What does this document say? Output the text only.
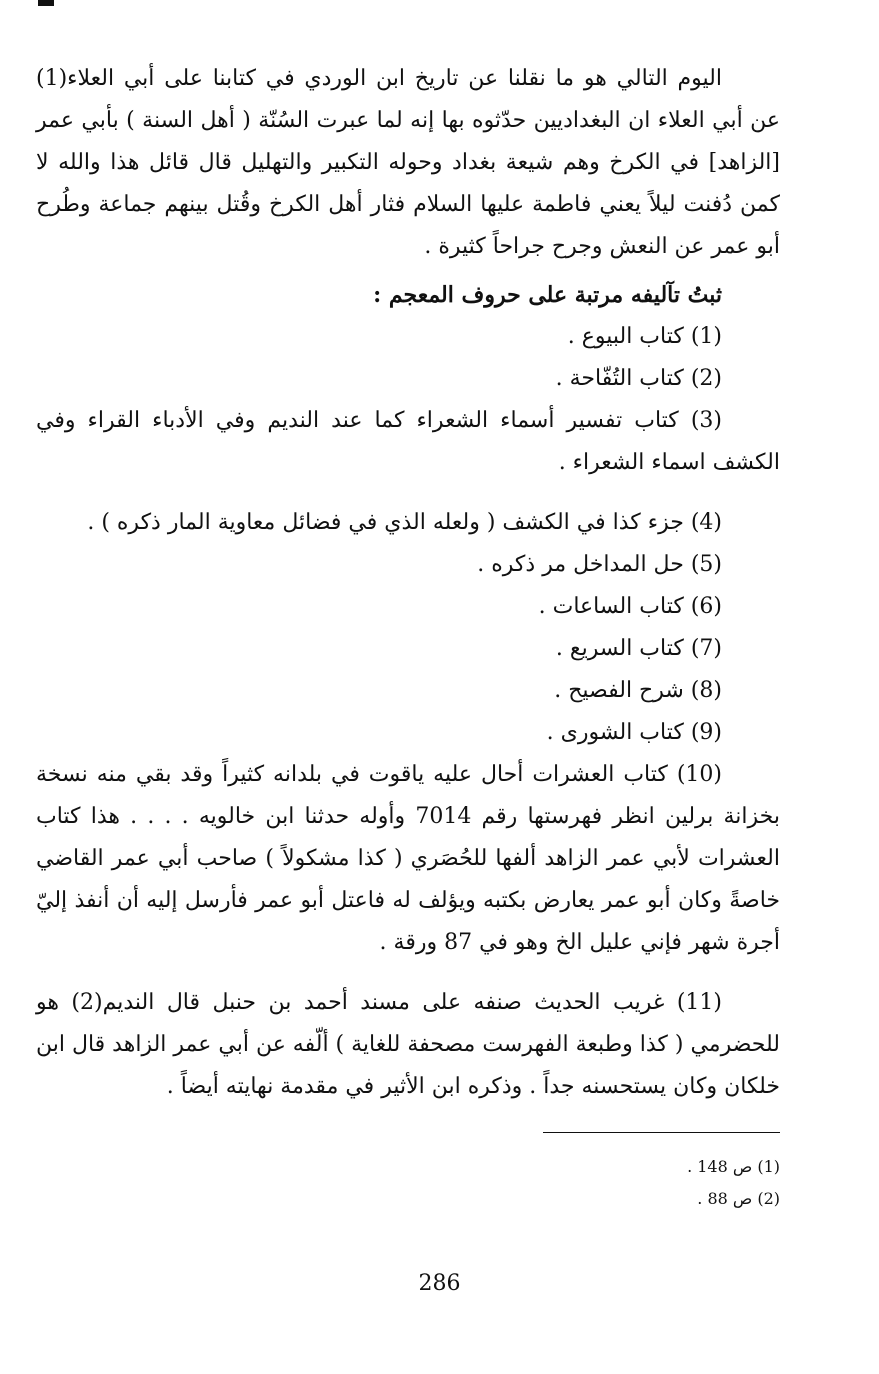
اليوم التالي هو ما نقلنا عن تاريخ ابن الوردي في كتابنا على أبي العلاء(1) عن أبي العلاء ان البغداديين حدّثوه بها إنه لما عبرت السُنّة ( أهل السنة ) بأبي عمر [الزاهد] في الكرخ وهم شيعة بغداد وحوله التكبير والتهليل قال قائل هذا والله لا كمن دُفنت ليلاً يعني فاطمة عليها السلام فثار أهل الكرخ وقُتل بينهم جماعة وطُرح أبو عمر عن النعش وجرح جراحاً كثيرة .

ثبتُ تآليفه مرتبة على حروف المعجم :

(1) كتاب البيوع .

(2) كتاب التُفّاحة .

(3) كتاب تفسير أسماء الشعراء كما عند النديم وفي الأدباء القراء وفي الكشف اسماء الشعراء .

(4) جزء كذا في الكشف ( ولعله الذي في فضائل معاوية المار ذكره ) .

(5) حل المداخل مر ذكره .

(6) كتاب الساعات .

(7) كتاب السريع .

(8) شرح الفصيح .

(9) كتاب الشورى .

(10) كتاب العشرات أحال عليه ياقوت في بلدانه كثيراً وقد بقي منه نسخة بخزانة برلين انظر فهرستها رقم 7014 وأوله حدثنا ابن خالويه . . . . هذا كتاب العشرات لأبي عمر الزاهد ألفها للحُصَري ( كذا مشكولاً ) صاحب أبي عمر القاضي خاصةً وكان أبو عمر يعارض بكتبه ويؤلف له فاعتل أبو عمر فأرسل إليه أن أنفذ إليّ أجرة شهر فإني عليل الخ وهو في 87 ورقة .

(11) غريب الحديث صنفه على مسند أحمد بن حنبل قال النديم(2) هو للحضرمي ( كذا وطبعة الفهرست مصحفة للغاية ) ألّفه عن أبي عمر الزاهد قال ابن خلكان وكان يستحسنه جداً . وذكره ابن الأثير في مقدمة نهايته أيضاً .

(1) ص 148 .
(2) ص 88 .
286
